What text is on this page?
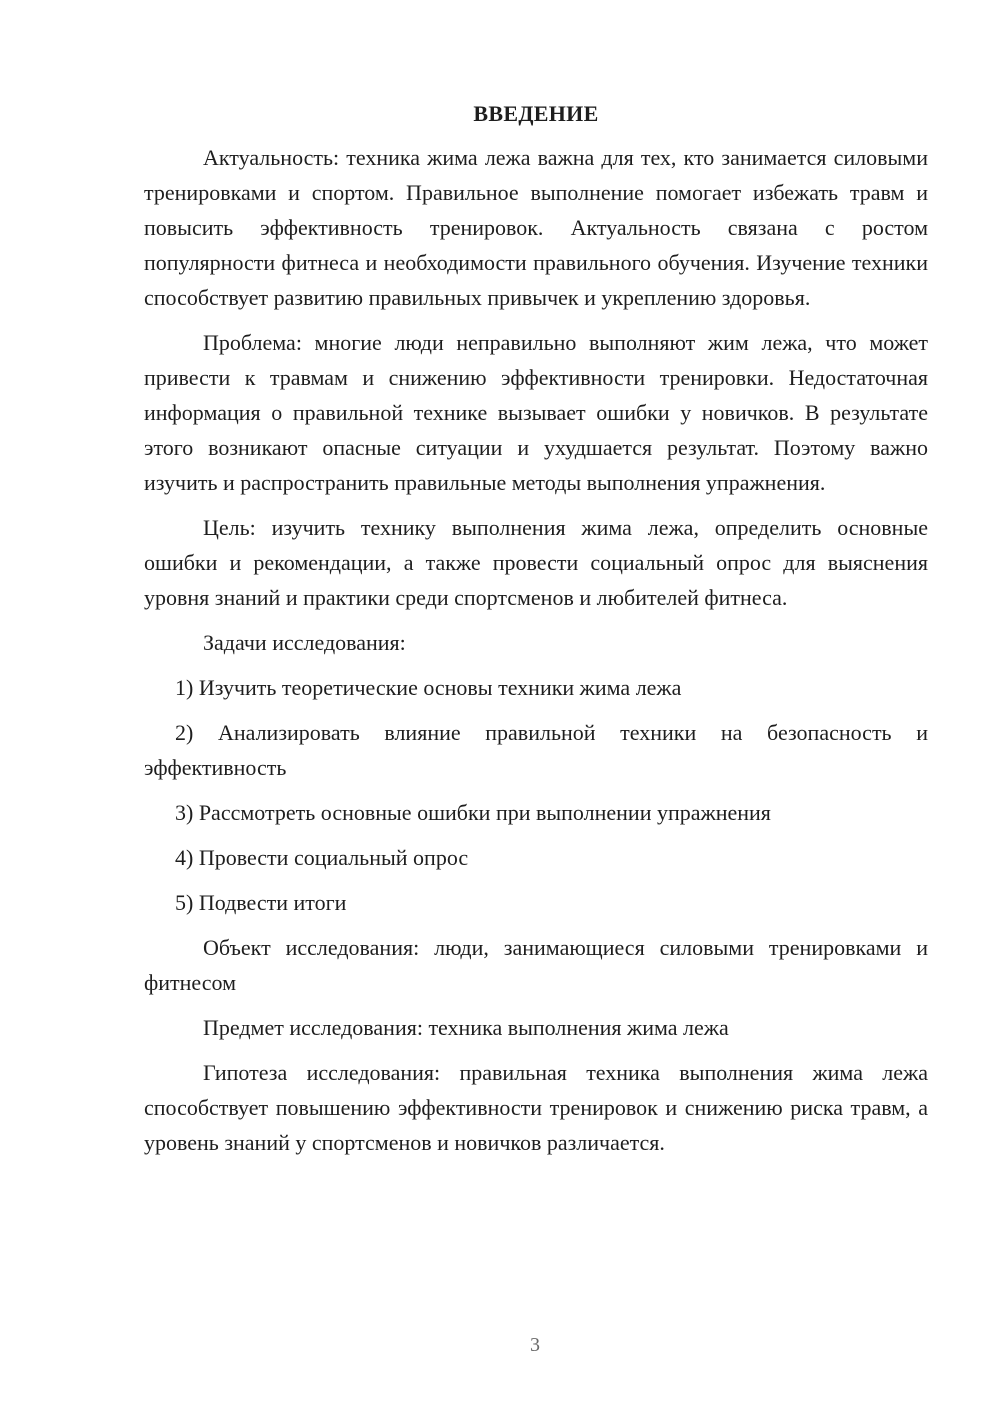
ВВЕДЕНИЕ

Актуальность: техника жима лежа важна для тех, кто занимается силовыми тренировками и спортом. Правильное выполнение помогает избежать травм и повысить эффективность тренировок. Актуальность связана с ростом популярности фитнеса и необходимости правильного обучения. Изучение техники способствует развитию правильных привычек и укреплению здоровья.

Проблема: многие люди неправильно выполняют жим лежа, что может привести к травмам и снижению эффективности тренировки. Недостаточная информация о правильной технике вызывает ошибки у новичков. В результате этого возникают опасные ситуации и ухудшается результат. Поэтому важно изучить и распространить правильные методы выполнения упражнения.

Цель: изучить технику выполнения жима лежа, определить основные ошибки и рекомендации, а также провести социальный опрос для выяснения уровня знаний и практики среди спортсменов и любителей фитнеса.

Задачи исследования:

1) Изучить теоретические основы техники жима лежа

2) Анализировать влияние правильной техники на безопасность и эффективность

3) Рассмотреть основные ошибки при выполнении упражнения

4) Провести социальный опрос

5) Подвести итоги

Объект исследования: люди, занимающиеся силовыми тренировками и фитнесом

Предмет исследования: техника выполнения жима лежа

Гипотеза исследования: правильная техника выполнения жима лежа способствует повышению эффективности тренировок и снижению риска травм, а уровень знаний у спортсменов и новичков различается.

3
